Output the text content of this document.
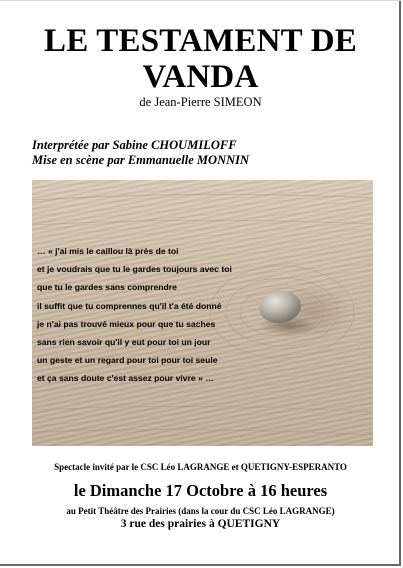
LE TESTAMENT DE
VANDA
de Jean-Pierre SIMEON
Interprétée par Sabine CHOUMILOFF
Mise en scène par Emmanuelle MONNIN
… « j'ai mis le caillou là près de toi
et je voudrais que tu le gardes toujours avec toi
que tu le gardes sans comprendre
il suffit que tu comprennes qu'il t'a été donné
je n'ai pas trouvé mieux pour que tu saches
sans rien savoir qu'il y eut pour toi un jour
un geste et un regard pour toi pour toi seule
et ça sans doute c'est assez pour vivre » …
Spectacle invité par le CSC Léo LAGRANGE et QUETIGNY-ESPERANTO
le Dimanche 17 Octobre à 16 heures
au Petit Théâtre des Prairies (dans la cour du CSC Léo LAGRANGE)
3 rue des prairies à QUETIGNY
